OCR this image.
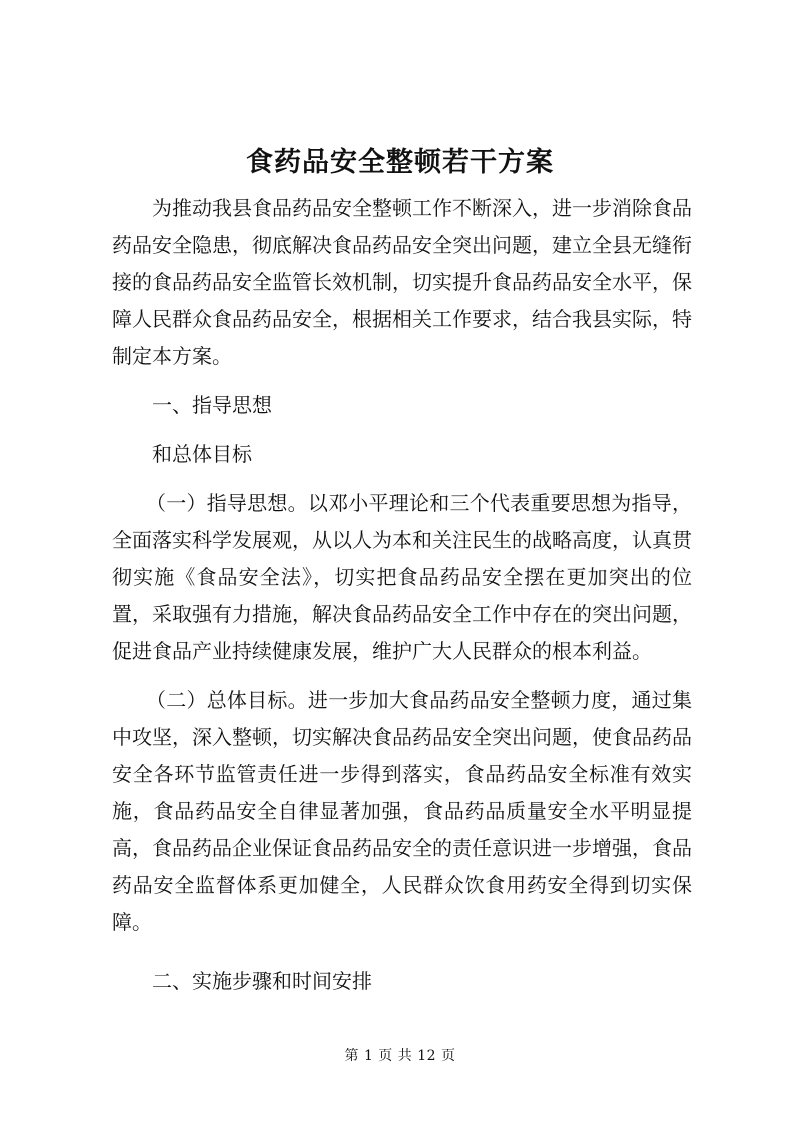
食药品安全整顿若干方案

为推动我县食品药品安全整顿工作不断深入，进一步消除食品药品安全隐患，彻底解决食品药品安全突出问题，建立全县无缝衔接的食品药品安全监管长效机制，切实提升食品药品安全水平，保障人民群众食品药品安全，根据相关工作要求，结合我县实际，特制定本方案。

一、指导思想

和总体目标

（一）指导思想。以邓小平理论和三个代表重要思想为指导，全面落实科学发展观，从以人为本和关注民生的战略高度，认真贯彻实施《食品安全法》，切实把食品药品安全摆在更加突出的位置，采取强有力措施，解决食品药品安全工作中存在的突出问题，促进食品产业持续健康发展，维护广大人民群众的根本利益。

（二）总体目标。进一步加大食品药品安全整顿力度，通过集中攻坚，深入整顿，切实解决食品药品安全突出问题，使食品药品安全各环节监管责任进一步得到落实，食品药品安全标准有效实施，食品药品安全自律显著加强，食品药品质量安全水平明显提高，食品药品企业保证食品药品安全的责任意识进一步增强，食品药品安全监督体系更加健全，人民群众饮食用药安全得到切实保障。

二、实施步骤和时间安排

第 1 页 共 12 页
